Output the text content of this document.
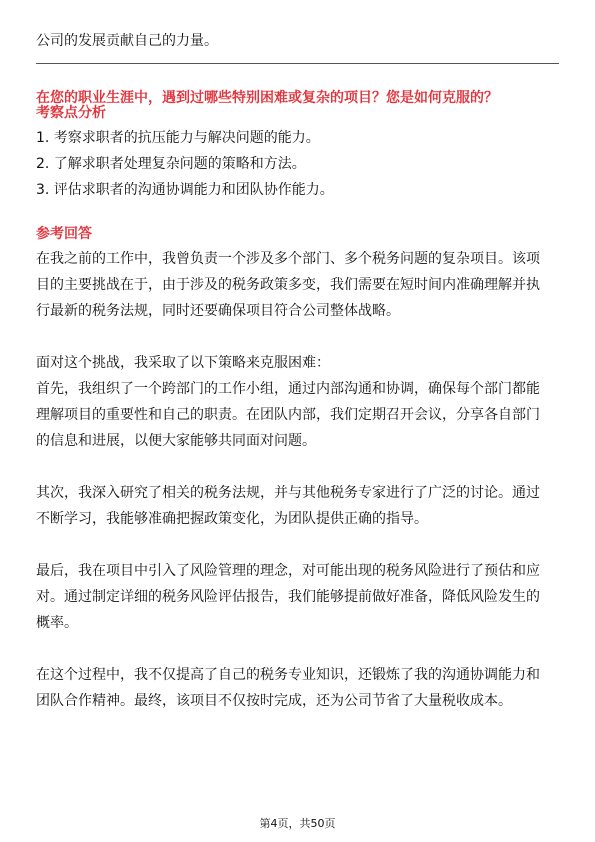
公司的发展贡献自己的力量。

在您的职业生涯中，遇到过哪些特别困难或复杂的项目？您是如何克服的？

考察点分析

1. 考察求职者的抗压能力与解决问题的能力。

2. 了解求职者处理复杂问题的策略和方法。

3. 评估求职者的沟通协调能力和团队协作能力。

参考回答

在我之前的工作中，我曾负责一个涉及多个部门、多个税务问题的复杂项目。该项

目的主要挑战在于，由于涉及的税务政策多变，我们需要在短时间内准确理解并执

行最新的税务法规，同时还要确保项目符合公司整体战略。

面对这个挑战，我采取了以下策略来克服困难：

首先，我组织了一个跨部门的工作小组，通过内部沟通和协调，确保每个部门都能

理解项目的重要性和自己的职责。在团队内部，我们定期召开会议，分享各自部门

的信息和进展，以便大家能够共同面对问题。

其次，我深入研究了相关的税务法规，并与其他税务专家进行了广泛的讨论。通过

不断学习，我能够准确把握政策变化，为团队提供正确的指导。

最后，我在项目中引入了风险管理的理念，对可能出现的税务风险进行了预估和应

对。通过制定详细的税务风险评估报告，我们能够提前做好准备，降低风险发生的

概率。

在这个过程中，我不仅提高了自己的税务专业知识，还锻炼了我的沟通协调能力和

团队合作精神。最终，该项目不仅按时完成，还为公司节省了大量税收成本。

第4页，共50页
